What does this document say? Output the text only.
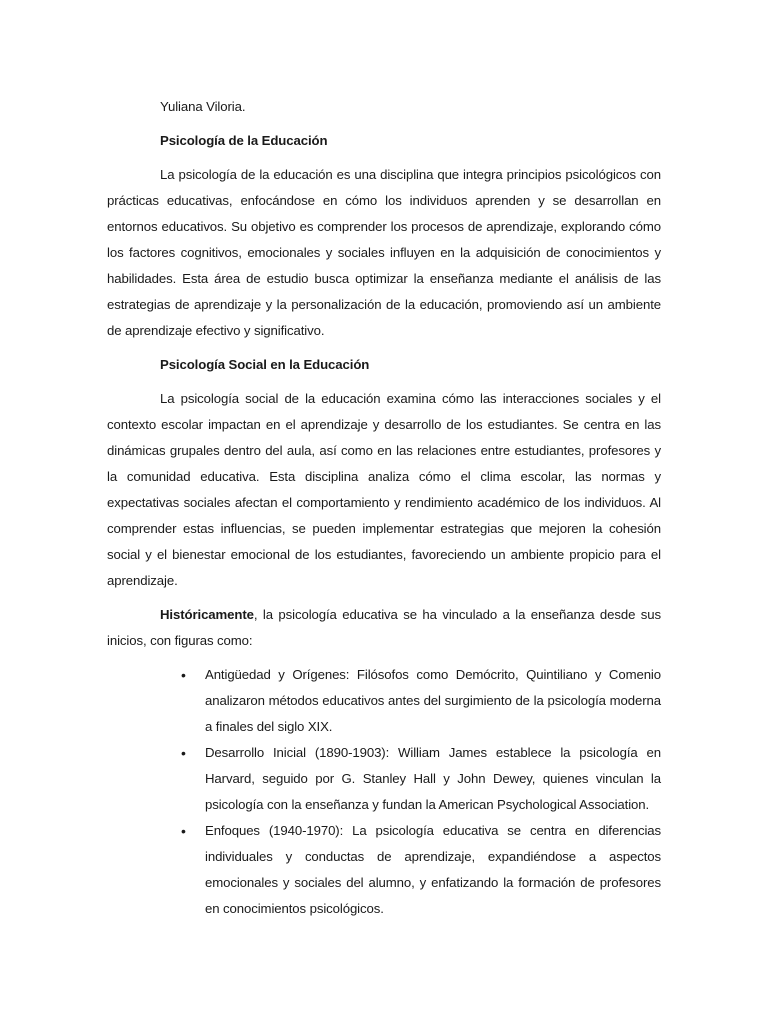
Yuliana Viloria.

Psicología de la Educación

La psicología de la educación es una disciplina que integra principios psicológicos con prácticas educativas, enfocándose en cómo los individuos aprenden y se desarrollan en entornos educativos. Su objetivo es comprender los procesos de aprendizaje, explorando cómo los factores cognitivos, emocionales y sociales influyen en la adquisición de conocimientos y habilidades. Esta área de estudio busca optimizar la enseñanza mediante el análisis de las estrategias de aprendizaje y la personalización de la educación, promoviendo así un ambiente de aprendizaje efectivo y significativo.

Psicología Social en la Educación

La psicología social de la educación examina cómo las interacciones sociales y el contexto escolar impactan en el aprendizaje y desarrollo de los estudiantes. Se centra en las dinámicas grupales dentro del aula, así como en las relaciones entre estudiantes, profesores y la comunidad educativa. Esta disciplina analiza cómo el clima escolar, las normas y expectativas sociales afectan el comportamiento y rendimiento académico de los individuos. Al comprender estas influencias, se pueden implementar estrategias que mejoren la cohesión social y el bienestar emocional de los estudiantes, favoreciendo un ambiente propicio para el aprendizaje.

Históricamente, la psicología educativa se ha vinculado a la enseñanza desde sus inicios, con figuras como:

• Antigüedad y Orígenes: Filósofos como Demócrito, Quintiliano y Comenio analizaron métodos educativos antes del surgimiento de la psicología moderna a finales del siglo XIX.
• Desarrollo Inicial (1890-1903): William James establece la psicología en Harvard, seguido por G. Stanley Hall y John Dewey, quienes vinculan la psicología con la enseñanza y fundan la American Psychological Association.
• Enfoques (1940-1970): La psicología educativa se centra en diferencias individuales y conductas de aprendizaje, expandiéndose a aspectos emocionales y sociales del alumno, y enfatizando la formación de profesores en conocimientos psicológicos.
